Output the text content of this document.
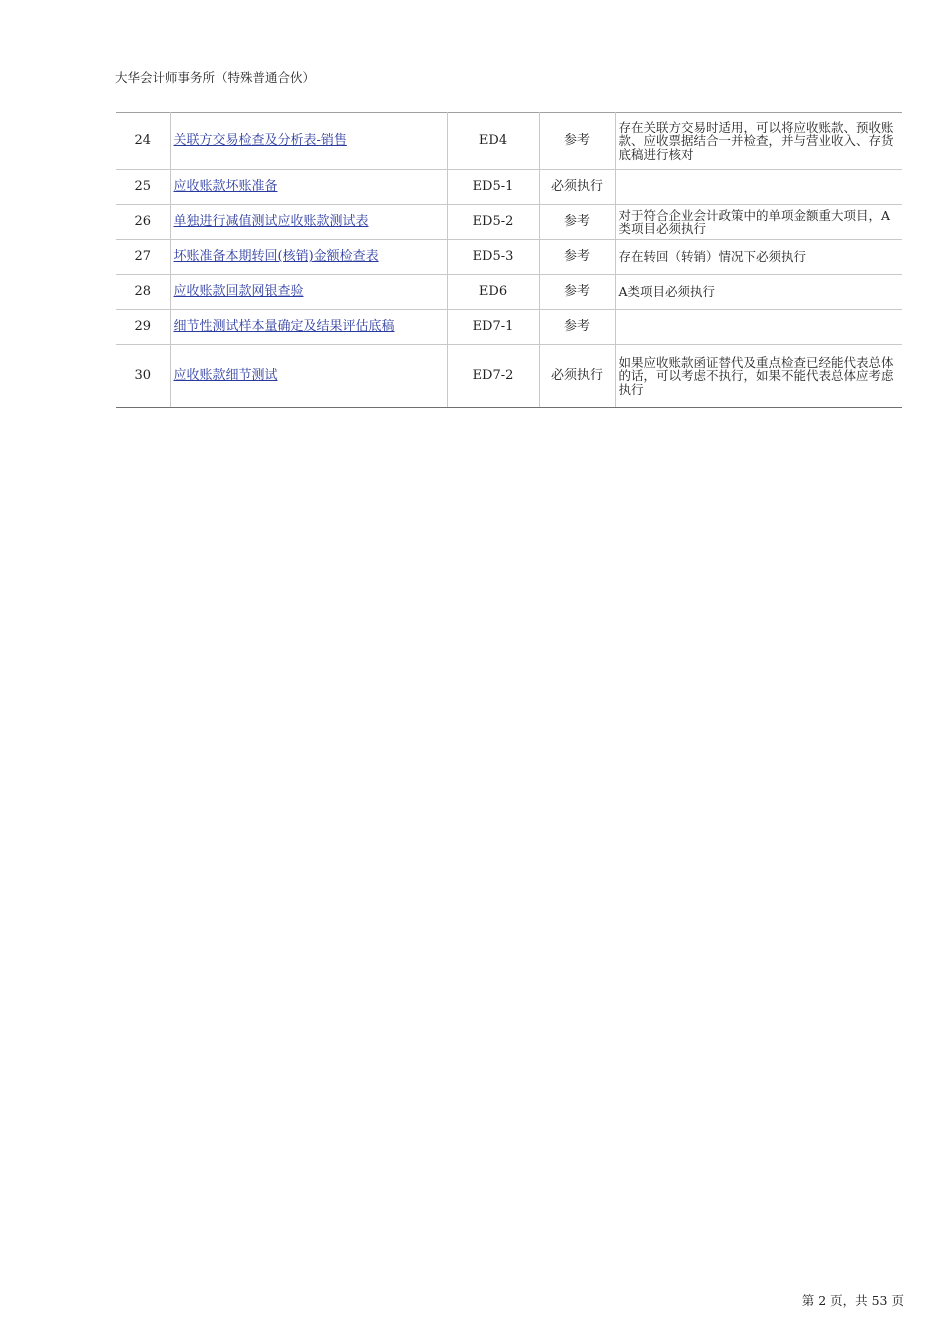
大华会计师事务所（特殊普通合伙）
24	关联方交易检查及分析表-销售	ED4	参考	存在关联方交易时适用，可以将应收账款、预收账款、应收票据结合一并检查，并与营业收入、存货底稿进行核对
25	应收账款坏账准备	ED5-1	必须执行	
26	单独进行减值测试应收账款测试表	ED5-2	参考	对于符合企业会计政策中的单项金额重大项目，A类项目必须执行
27	坏账准备本期转回(核销)金额检查表	ED5-3	参考	存在转回（转销）情况下必须执行
28	应收账款回款网银查验	ED6	参考	A类项目必须执行
29	细节性测试样本量确定及结果评估底稿	ED7-1	参考	
30	应收账款细节测试	ED7-2	必须执行	如果应收账款函证替代及重点检查已经能代表总体的话，可以考虑不执行，如果不能代表总体应考虑执行
第 2 页，共 53 页
